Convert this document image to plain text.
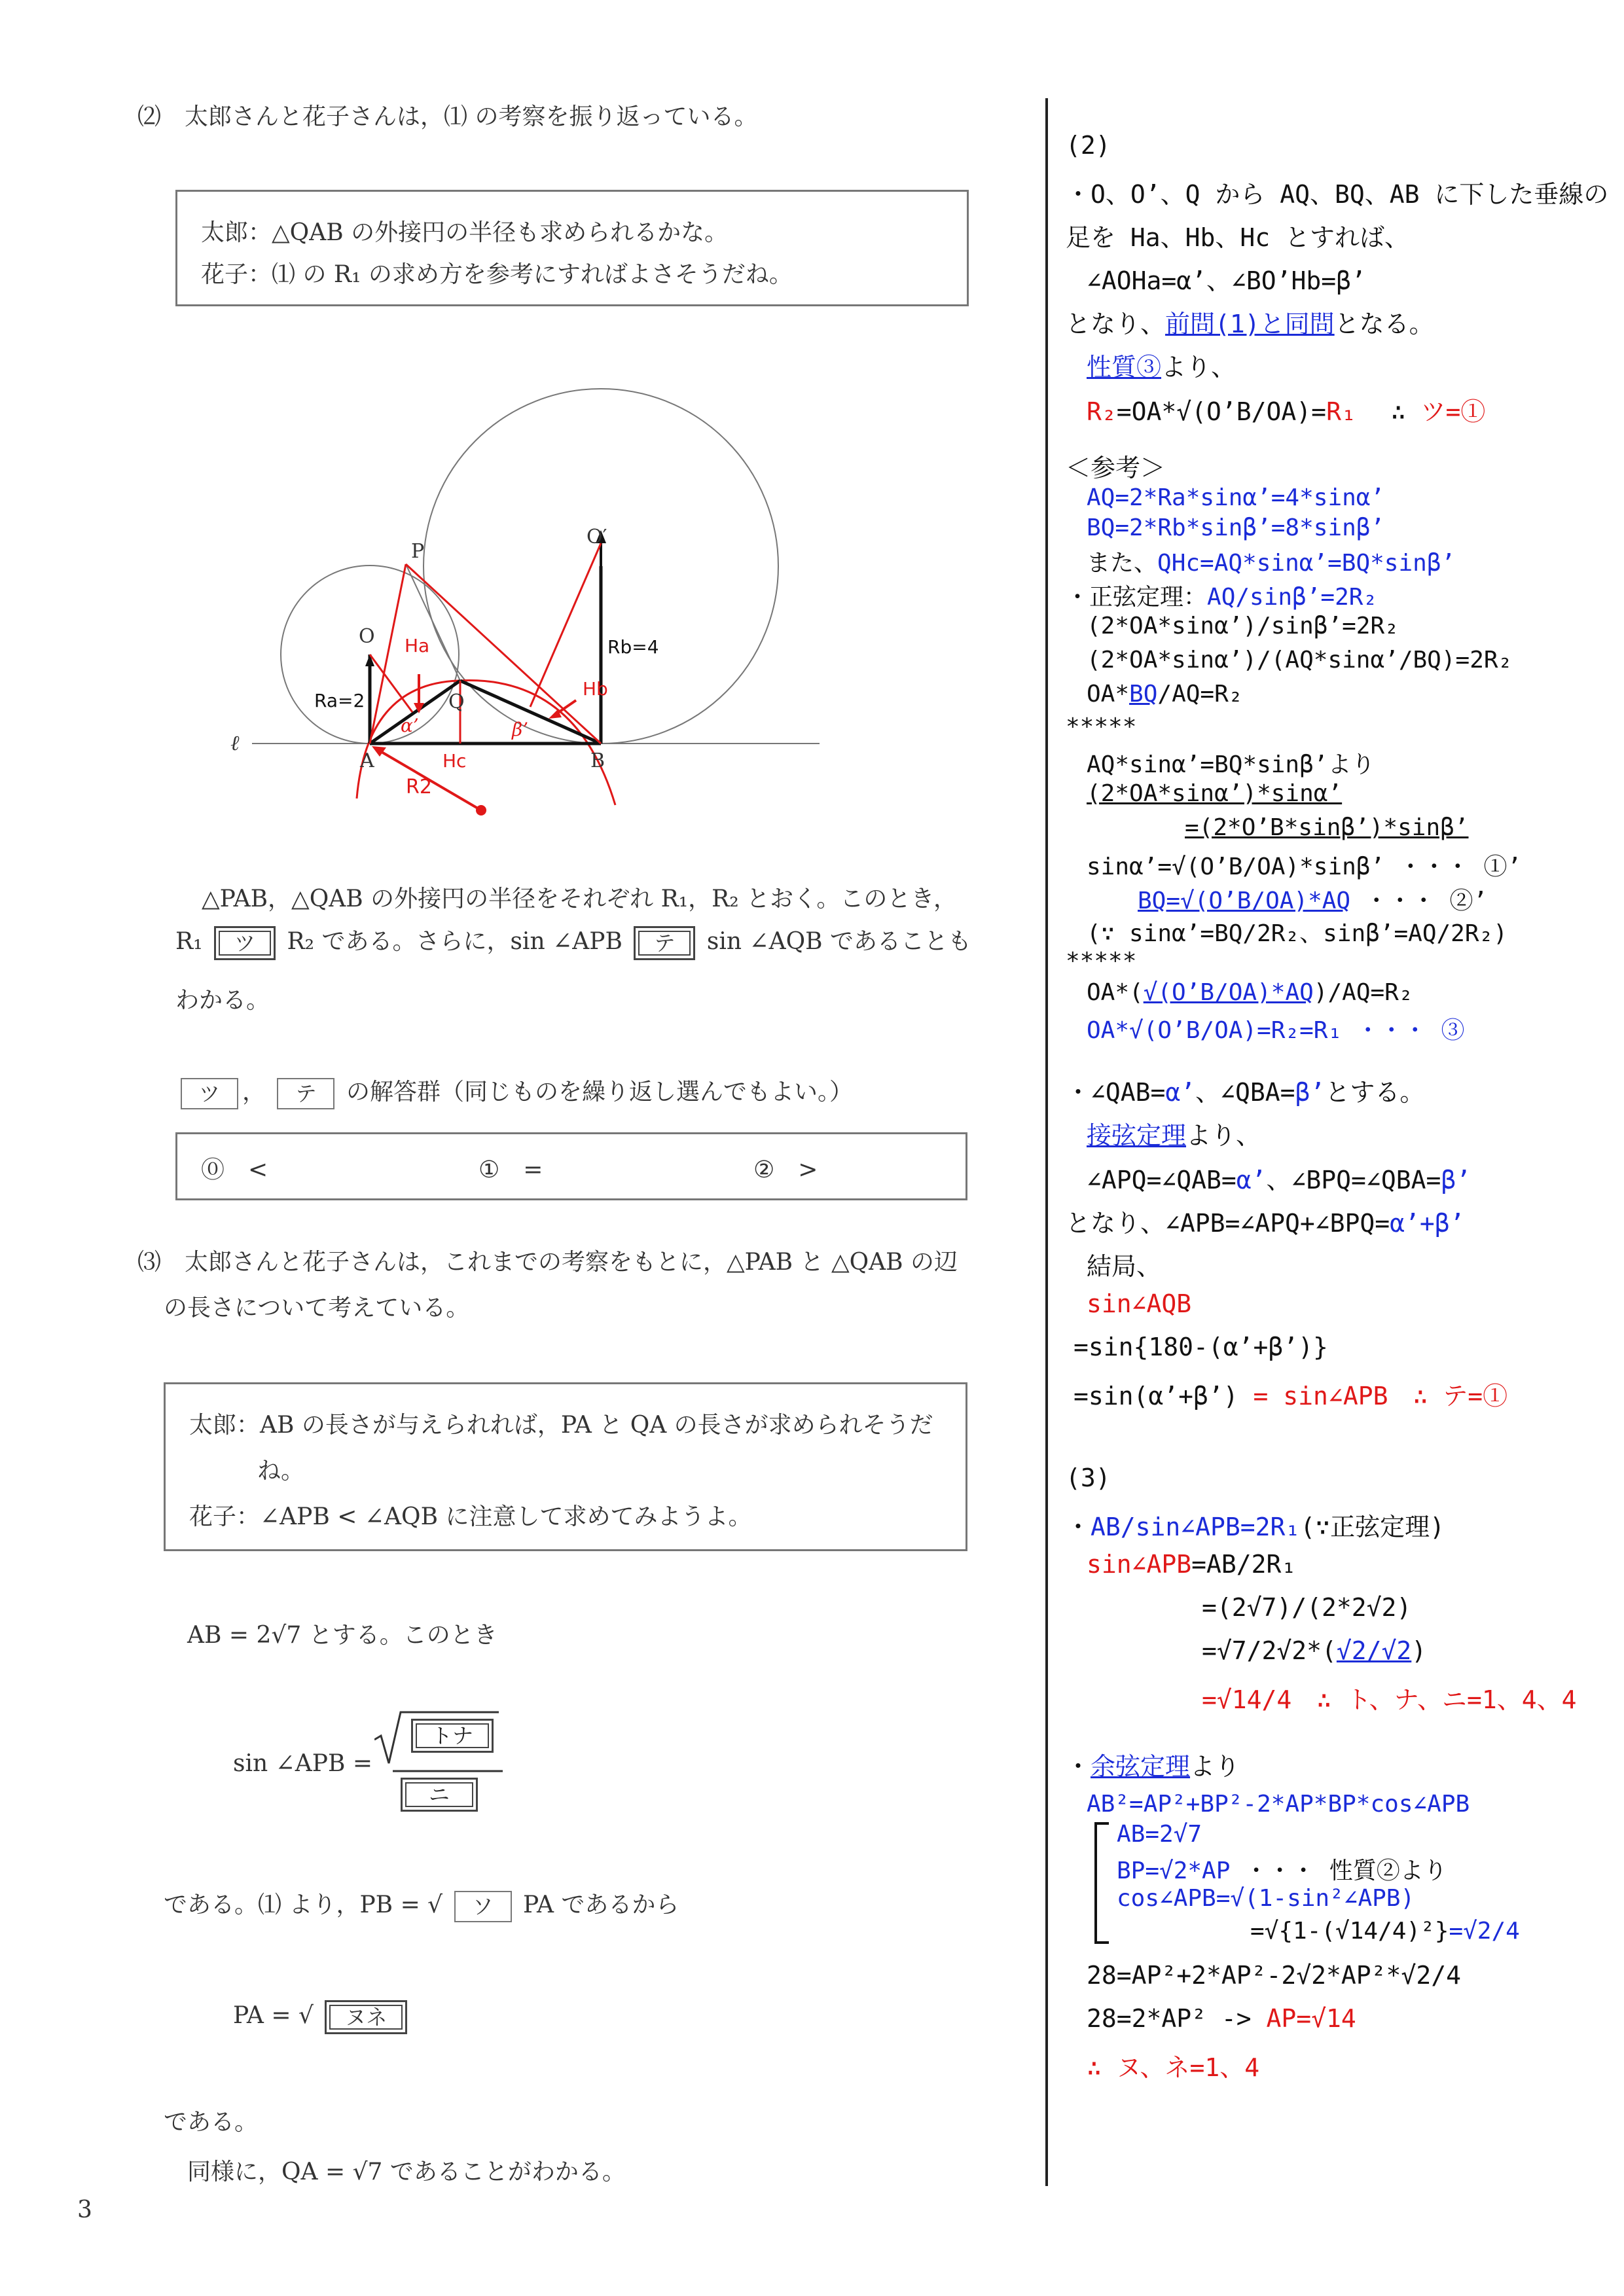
⑵　太郎さんと花子さんは，⑴ の考察を振り返っている。
太郎：△QAB の外接円の半径も求められるかな。
花子：⑴ の R₁ の求め方を参考にすればよさそうだね。
P
O
O′
Q
A	B
ℓ
Ha
Hb
Hc
Ra=2
Rb=4
R2
α’	β’
△PAB，△QAB の外接円の半径をそれぞれ R₁，R₂ とおく。このとき，
R₁ ツ R₂ である。さらに，sin ∠APB テ sin ∠AQB であることも
わかる。
ツ ， テ の解答群（同じものを繰り返し選んでもよい。）
⓪　<	①　=	②　>
⑶　太郎さんと花子さんは，これまでの考察をもとに，△PAB と △QAB の辺
の長さについて考えている。
太郎：AB の長さが与えられれば，PA と QA の長さが求められそうだ
ね。
花子：∠APB < ∠AQB に注意して求めてみようよ。
AB = 2√7 とする。このとき
sin ∠APB =
トナ
ニ
である。⑴ より，PB = √ ソ PA であるから
PA = √ ヌネ
である。
同様に，QA = √7 であることがわかる。
3
(2)
・O、O’、Q から AQ、BQ、AB に下した垂線の
足を Ha、Hb、Hc とすれば、
∠AOHa=α’、∠BO’Hb=β’
となり、前問(1)と同問となる。
性質③より、
R₂=OA*√(O’B/OA)=R₁ ∴ ツ=①
＜参考＞
AQ=2*Ra*sinα’=4*sinα’
BQ=2*Rb*sinβ’=8*sinβ’
また、QHc=AQ*sinα’=BQ*sinβ’
・正弦定理：AQ/sinβ’=2R₂
(2*OA*sinα’)/sinβ’=2R₂
(2*OA*sinα’)/(AQ*sinα’/BQ)=2R₂
OA*BQ/AQ=R₂
*****
AQ*sinα’=BQ*sinβ’より
(2*OA*sinα’)*sinα’
=(2*O’B*sinβ’)*sinβ’
sinα’=√(O’B/OA)*sinβ’ ・・・ ①’
BQ=√(O’B/OA)*AQ ・・・ ②’
(∵ sinα’=BQ/2R₂、sinβ’=AQ/2R₂)
*****
OA*(√(O’B/OA)*AQ)/AQ=R₂
OA*√(O’B/OA)=R₂=R₁ ・・・ ③
・∠QAB=α’、∠QBA=β’とする。
接弦定理より、
∠APQ=∠QAB=α’、∠BPQ=∠QBA=β’
となり、∠APB=∠APQ+∠BPQ=α’+β’
結局、
sin∠AQB
=sin{180-(α’+β’)}
=sin(α’+β’) = sin∠APB　∴ テ=①
(3)
・AB/sin∠APB=2R₁(∵正弦定理)
sin∠APB=AB/2R₁
=(2√7)/(2*2√2)
=√7/2√2*(√2/√2)
=√14/4　∴ ト、ナ、ニ=1、4、4
・余弦定理より
AB²=AP²+BP²-2*AP*BP*cos∠APB
AB=2√7
BP=√2*AP ・・・ 性質②より
cos∠APB=√(1-sin²∠APB)
=√{1-(√14/4)²}=√2/4
28=AP²+2*AP²-2√2*AP²*√2/4
28=2*AP² -> AP=√14
∴ ヌ、ネ=1、4
